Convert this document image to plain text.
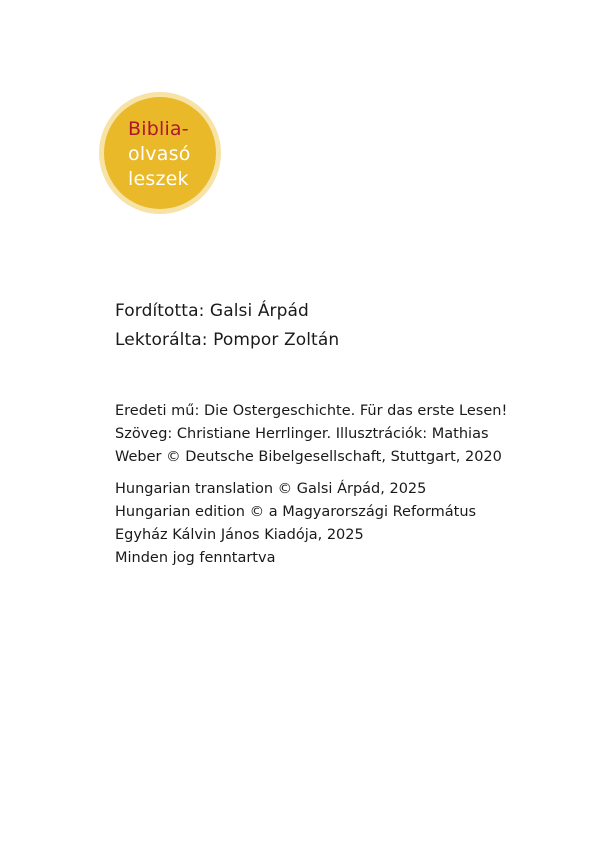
Biblia-
olvasó
leszek
Fordította: Galsi Árpád
Lektorálta: Pompor Zoltán
Eredeti mű: Die Ostergeschichte. Für das erste Lesen!
Szöveg: Christiane Herrlinger. Illusztrációk: Mathias
Weber © Deutsche Bibelgesellschaft, Stuttgart, 2020
Hungarian translation © Galsi Árpád, 2025
Hungarian edition © a Magyarországi Református
Egyház Kálvin János Kiadója, 2025
Minden jog fenntartva
